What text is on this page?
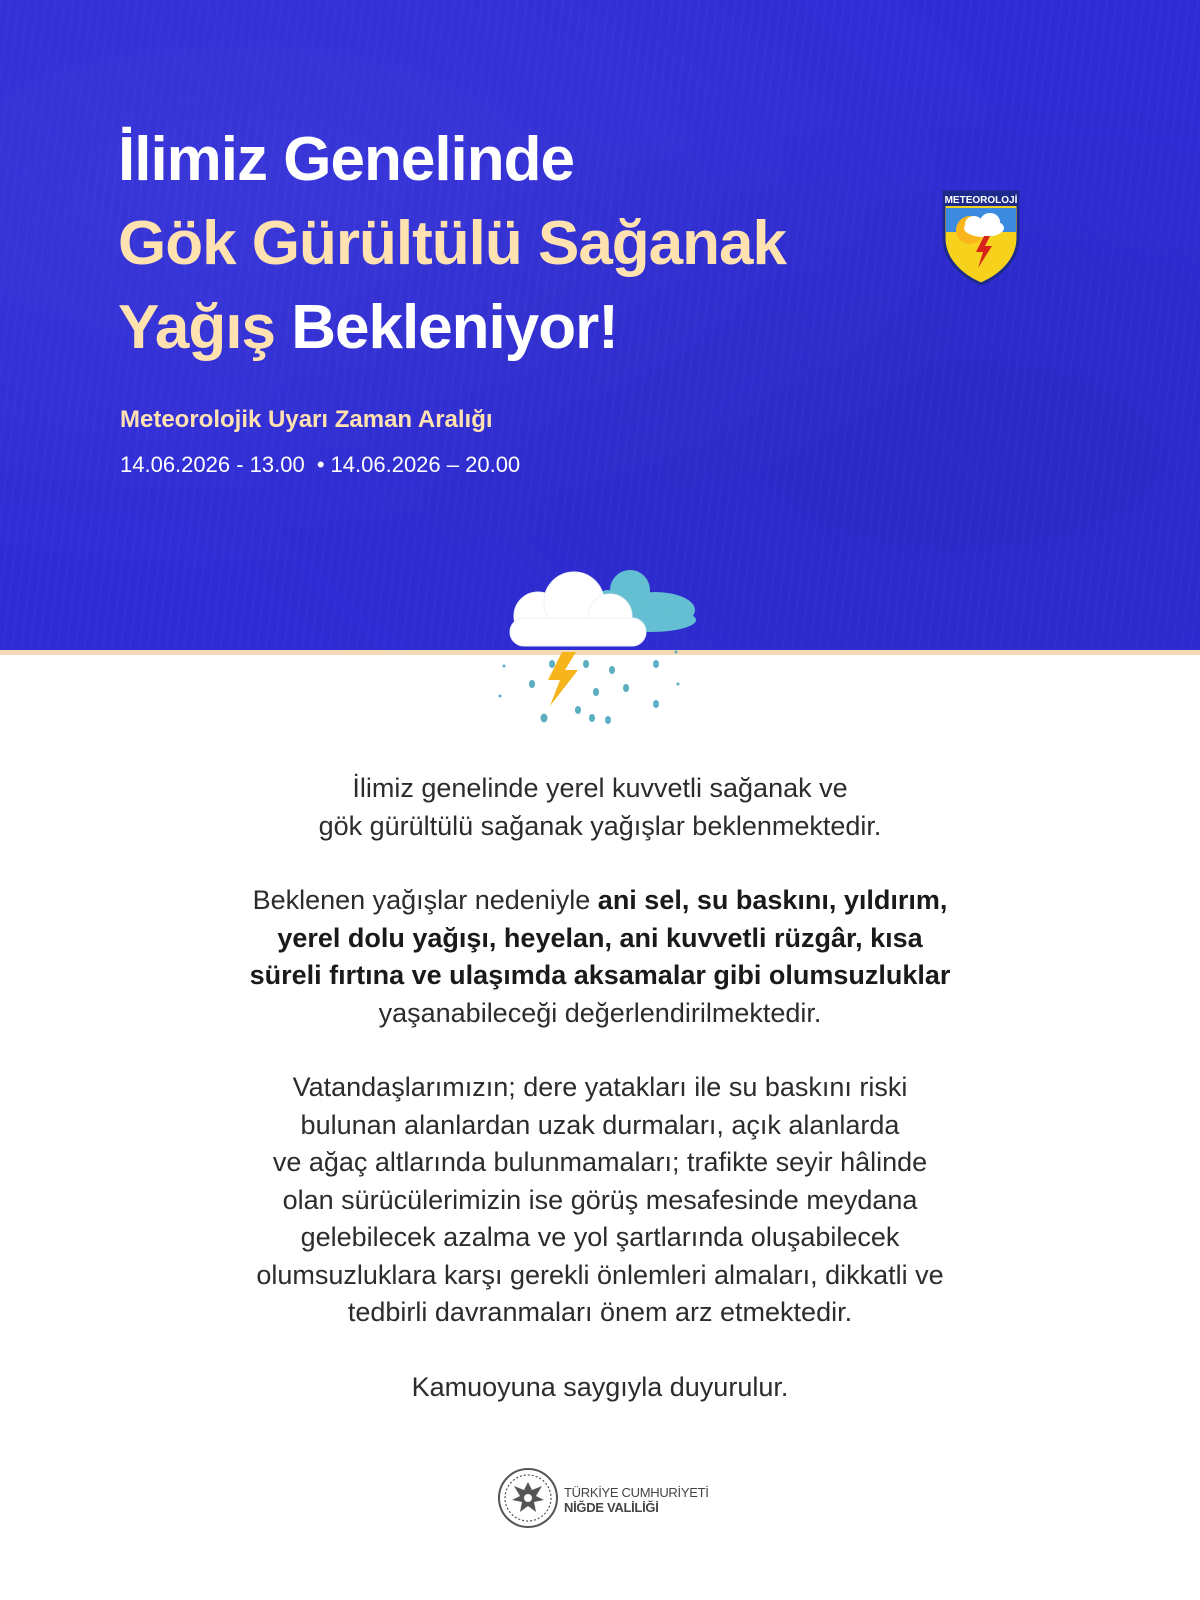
İlimiz Genelinde
Gök Gürültülü Sağanak
Yağış Bekleniyor!
Meteorolojik Uyarı Zaman Aralığı
14.06.2026 - 13.00 • 14.06.2026 – 20.00
METEOROLOJİ

İlimiz genelinde yerel kuvvetli sağanak ve
gök gürültülü sağanak yağışlar beklenmektedir.

Beklenen yağışlar nedeniyle ani sel, su baskını, yıldırım,
yerel dolu yağışı, heyelan, ani kuvvetli rüzgâr, kısa
süreli fırtına ve ulaşımda aksamalar gibi olumsuzluklar
yaşanabileceği değerlendirilmektedir.

Vatandaşlarımızın; dere yatakları ile su baskını riski
bulunan alanlardan uzak durmaları, açık alanlarda
ve ağaç altlarında bulunmamaları; trafikte seyir hâlinde
olan sürücülerimizin ise görüş mesafesinde meydana
gelebilecek azalma ve yol şartlarında oluşabilecek
olumsuzluklara karşı gerekli önlemleri almaları, dikkatli ve
tedbirli davranmaları önem arz etmektedir.

Kamuoyuna saygıyla duyurulur.

TÜRKİYE CUMHURİYETİ
NİĞDE VALİLİĞİ
